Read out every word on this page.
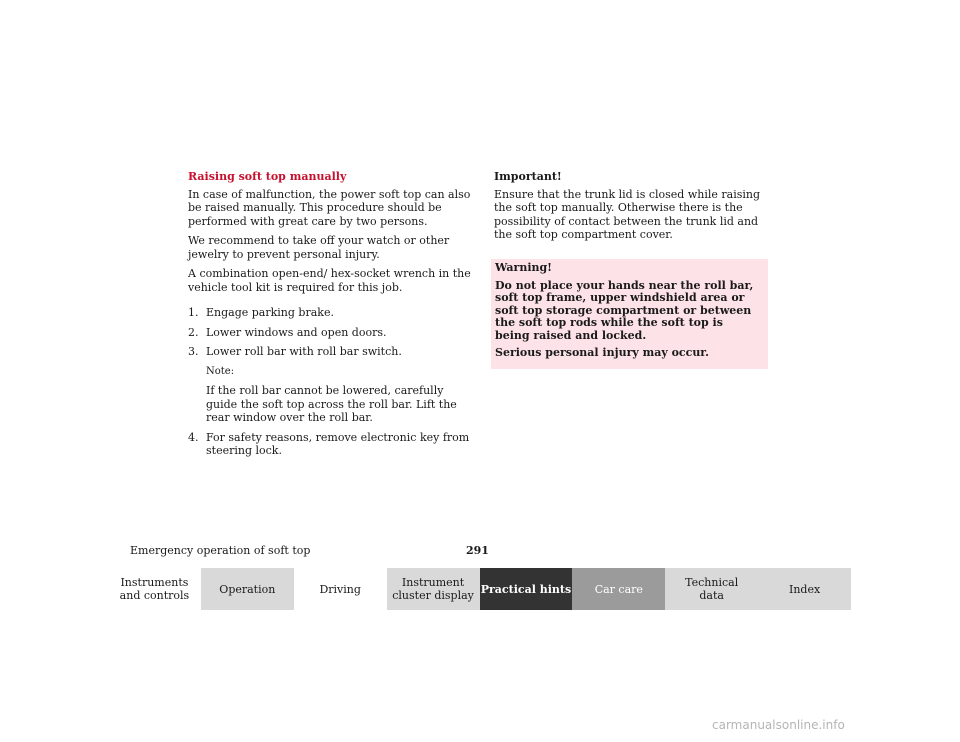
Raising soft top manually

In case of malfunction, the power soft top can also be raised manually. This procedure should be performed with great care by two persons.

We recommend to take off your watch or other jewelry to prevent personal injury.

A combination open-end/ hex-socket wrench in the vehicle tool kit is required for this job.

1. Engage parking brake.
2. Lower windows and open doors.
3. Lower roll bar with roll bar switch.

Note:

If the roll bar cannot be lowered, carefully guide the soft top across the roll bar. Lift the rear window over the roll bar.

4. For safety reasons, remove electronic key from steering lock.
Important!

Ensure that the trunk lid is closed while raising the soft top manually. Otherwise there is the possibility of contact between the trunk lid and the soft top compartment cover.

Warning!
Do not place your hands near the roll bar, soft top frame, upper windshield area or soft top storage compartment or between the soft top rods while the soft top is being raised and locked.
Serious personal injury may occur.
Emergency operation of soft top	291
Instruments
and controls	Operation	Driving	Instrument
cluster display Practical hints Car care	Technical
data	Index
carmanualsonline.info
